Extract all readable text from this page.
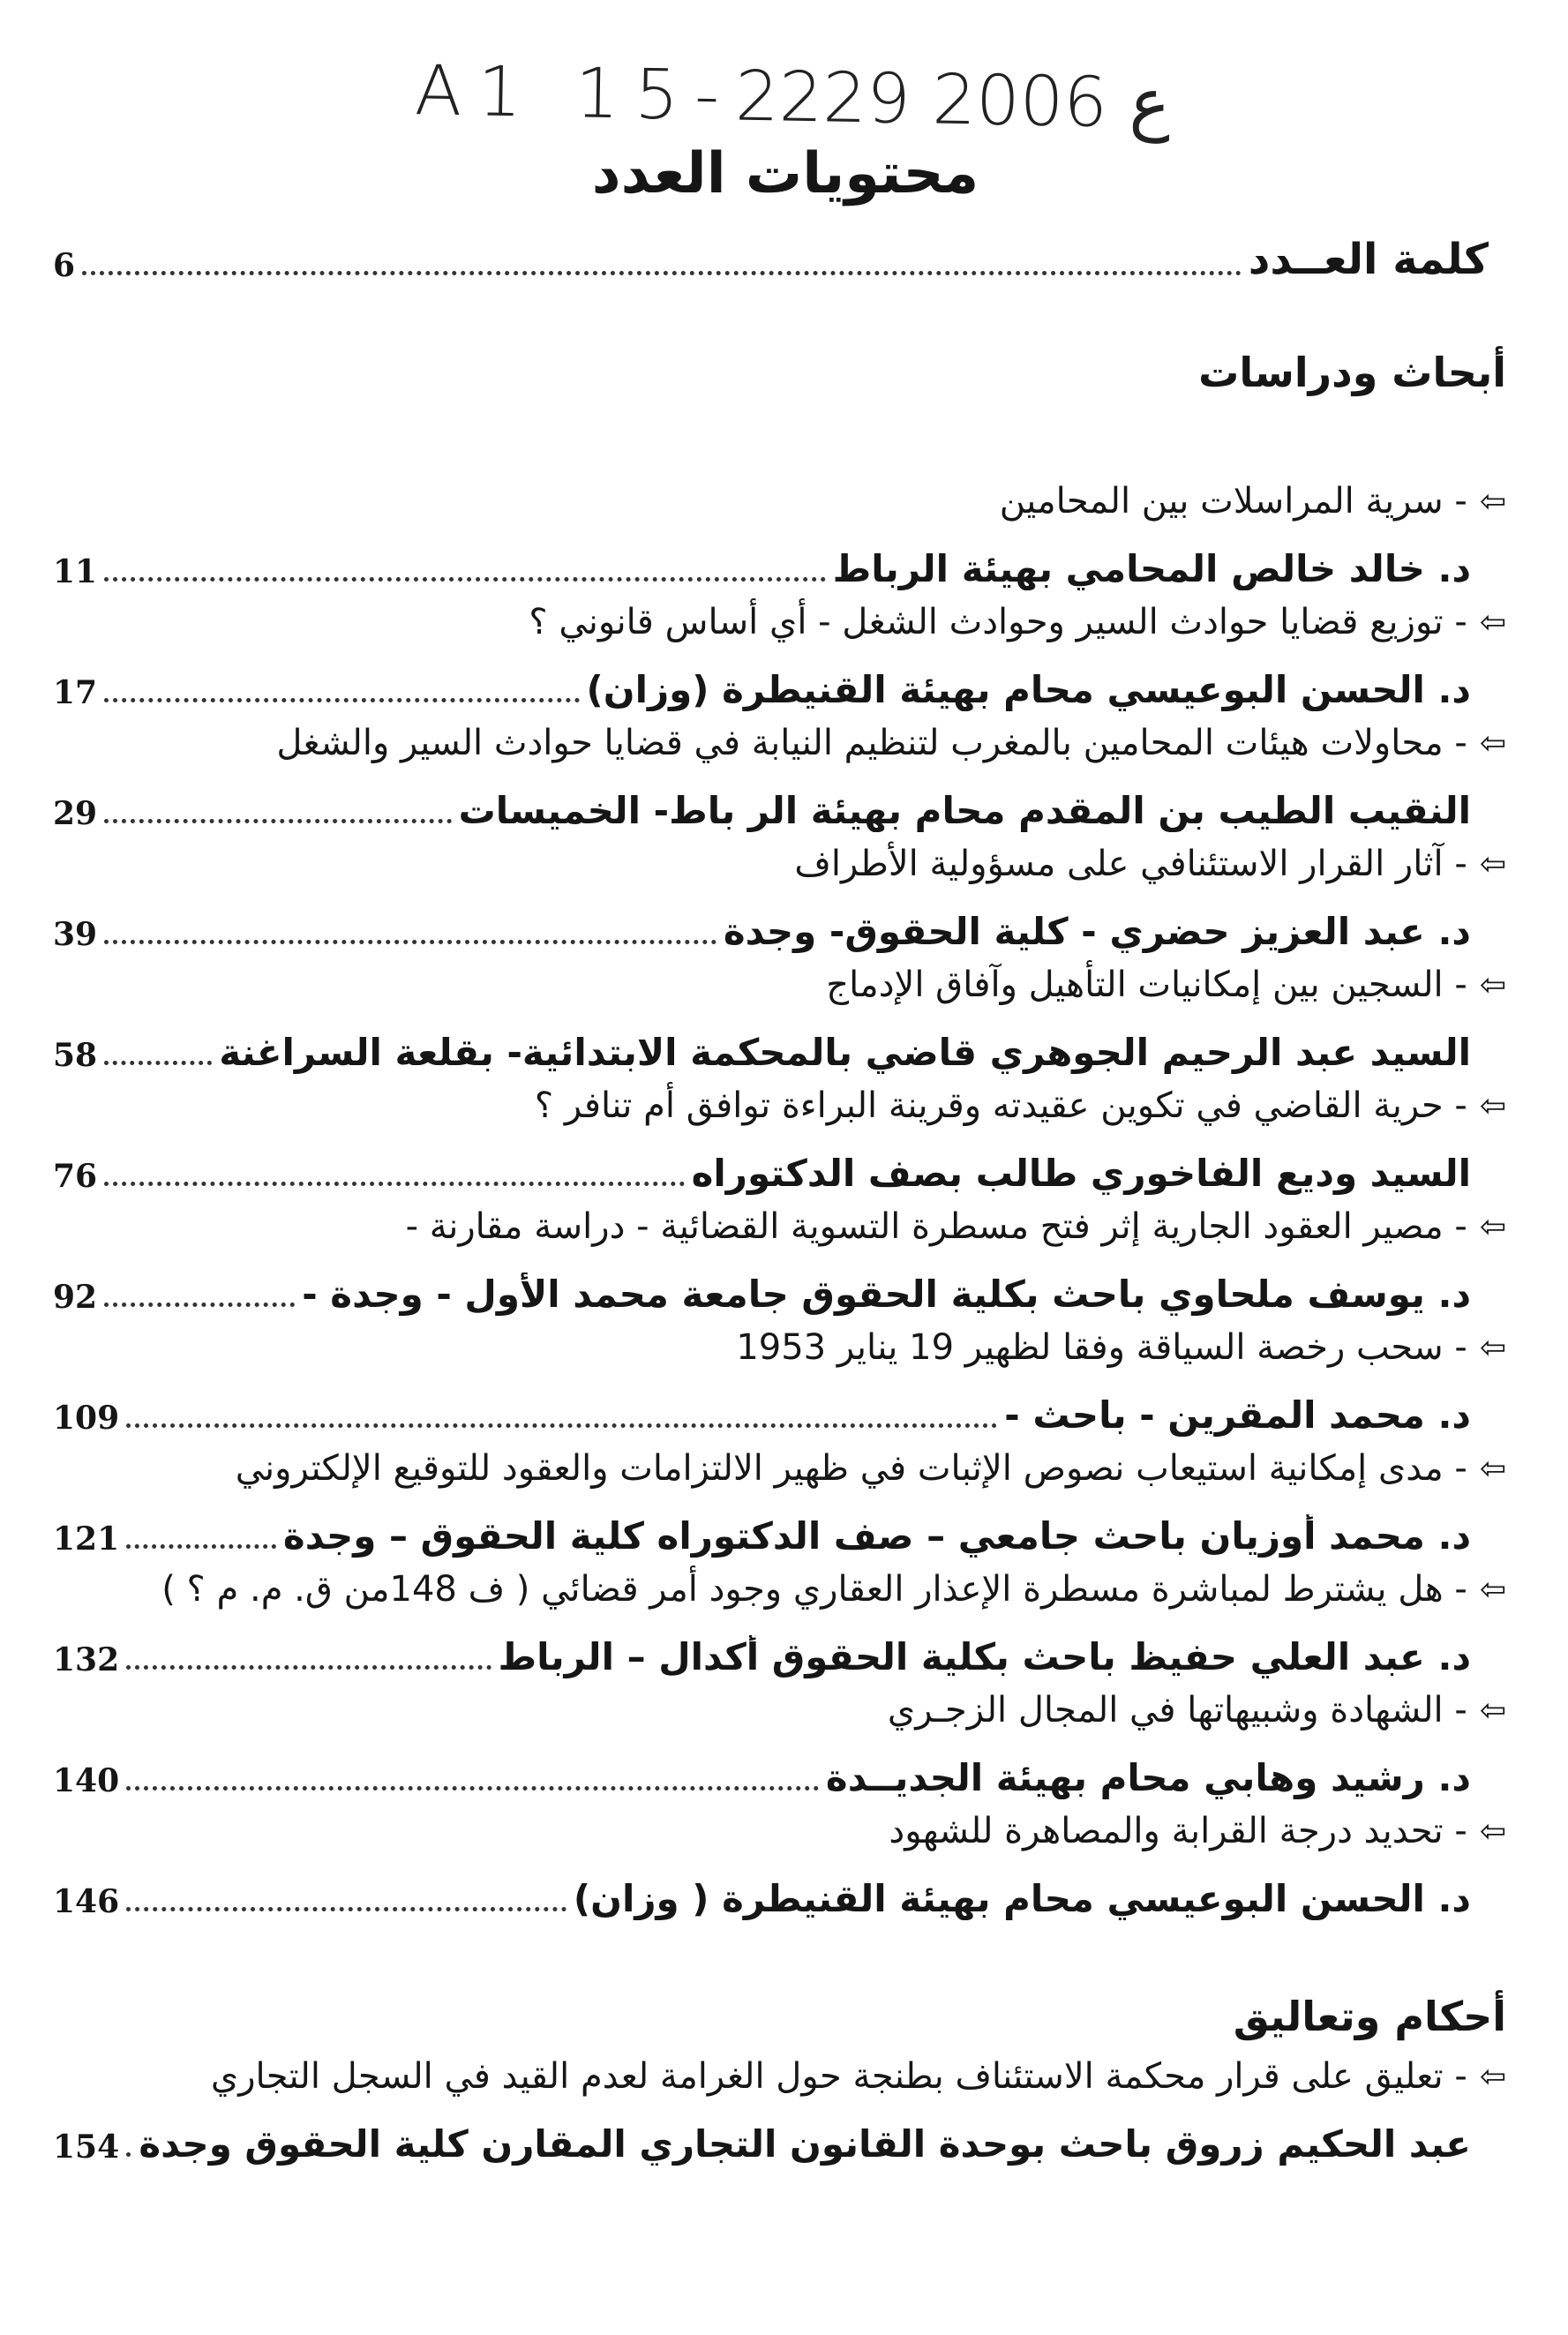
A1 15-ع 2006 2229
محتويات العدد
كلمة العــدد
6
أبحاث ودراسات
⇦
- سرية المراسلات بين المحامين
د. خالد خالص المحامي بهيئة الرباط
11
⇦
- توزيع قضايا حوادث السير وحوادث الشغل - أي أساس قانوني ؟
د. الحسن البوعيسي محام بهيئة القنيطرة (وزان)
17
⇦
- محاولات هيئات المحامين بالمغرب لتنظيم النيابة في قضايا حوادث السير والشغل
النقيب الطيب بن المقدم محام بهيئة الر باط- الخميسات
29
⇦
- آثار القرار الاستئنافي على مسؤولية الأطراف
د. عبد العزيز حضري - كلية الحقوق- وجدة
39
⇦
- السجين بين إمكانيات التأهيل وآفاق الإدماج
السيد عبد الرحيم الجوهري قاضي بالمحكمة الابتدائية- بقلعة السراغنة
58
⇦
- حرية القاضي في تكوين عقيدته وقرينة البراءة توافق أم تنافر ؟
السيد وديع الفاخوري طالب بصف الدكتوراه
76
⇦
- مصير العقود الجارية إثر فتح مسطرة التسوية القضائية - دراسة مقارنة -
د. يوسف ملحاوي باحث بكلية الحقوق جامعة محمد الأول - وجدة -
92
⇦
- سحب رخصة السياقة وفقا لظهير 19 يناير 1953
د. محمد المقرين - باحث -
109
⇦
- مدى إمكانية استيعاب نصوص الإثبات في ظهير الالتزامات والعقود للتوقيع الإلكتروني
د. محمد أوزيان باحث جامعي – صف الدكتوراه كلية الحقوق – وجدة
121
⇦
- هل يشترط لمباشرة مسطرة الإعذار العقاري وجود أمر قضائي ( ف 148من ق. م. م ؟ )
د. عبد العلي حفيظ باحث بكلية الحقوق أكدال – الرباط
132
⇦
- الشهادة وشبيهاتها في المجال الزجـري
د. رشيد وهابي محام بهيئة الجديــدة
140
⇦
- تحديد درجة القرابة والمصاهرة للشهود
د. الحسن البوعيسي محام بهيئة القنيطرة ( وزان)
146
أحكام وتعاليق
⇦
- تعليق على قرار محكمة الاستئناف بطنجة حول الغرامة لعدم القيد في السجل التجاري
عبد الحكيم زروق باحث بوحدة القانون التجاري المقارن كلية الحقوق وجدة
154
